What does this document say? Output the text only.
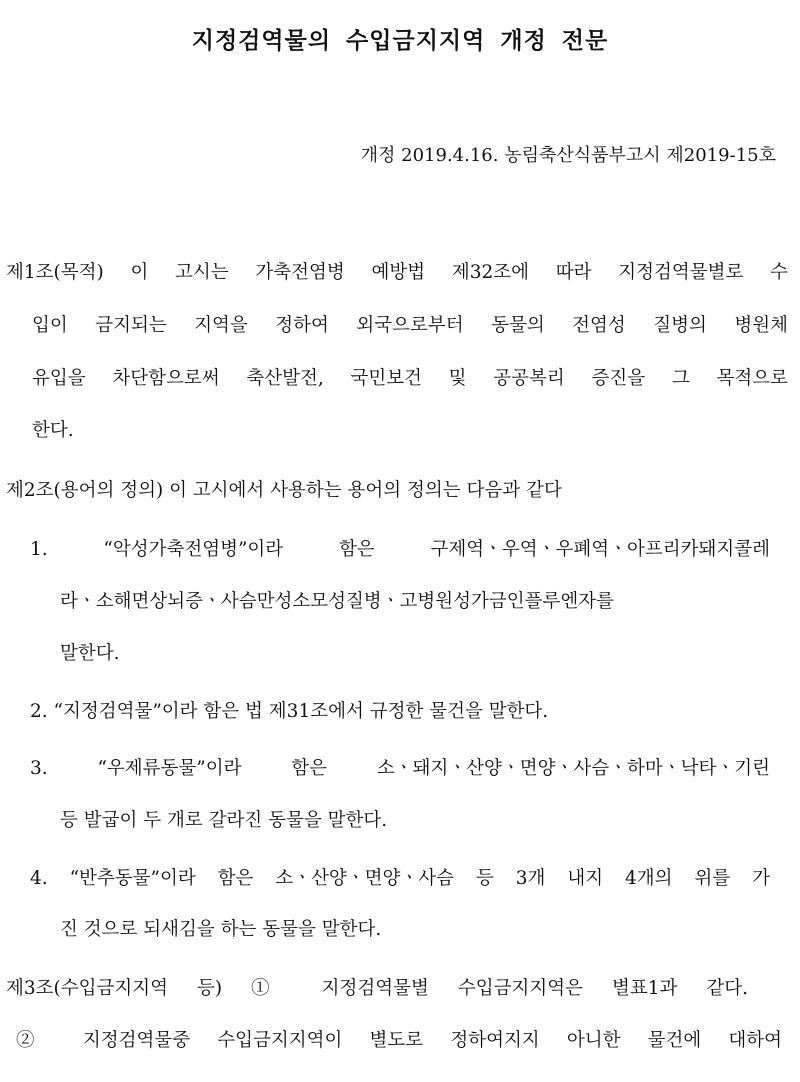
지정검역물의 수입금지지역 개정 전문
개정 2019.4.16. 농림축산식품부고시 제2019-15호
제1조(목적) 이 고시는 가축전염병 예방법 제32조에 따라 지정검역물별로 수
입이 금지되는 지역을 정하여 외국으로부터 동물의 전염성 질병의 병원체
유입을 차단함으로써 축산발전, 국민보건 및 공공복리 증진을 그 목적으로
한다.
제2조(용어의 정의) 이 고시에서 사용하는 용어의 정의는 다음과 같다
1. “악성가축전염병”이라 함은 구제역ㆍ우역ㆍ우폐역ㆍ아프리카돼지콜레
라ㆍ소해면상뇌증ㆍ사슴만성소모성질병ㆍ고병원성가금인플루엔자를
말한다.
2. “지정검역물”이라 함은 법 제31조에서 규정한 물건을 말한다.
3. “우제류동물”이라 함은 소ㆍ돼지ㆍ산양ㆍ면양ㆍ사슴ㆍ하마ㆍ낙타ㆍ기린
등 발굽이 두 개로 갈라진 동물을 말한다.
4. “반추동물”이라 함은 소ㆍ산양ㆍ면양ㆍ사슴 등 3개 내지 4개의 위를 가
진 것으로 되새김을 하는 동물을 말한다.
제3조(수입금지지역 등) ① 지정검역물별 수입금지지역은 별표1과 같다.
② 지정검역물중 수입금지지역이 별도로 정하여지지 아니한 물건에 대하여
